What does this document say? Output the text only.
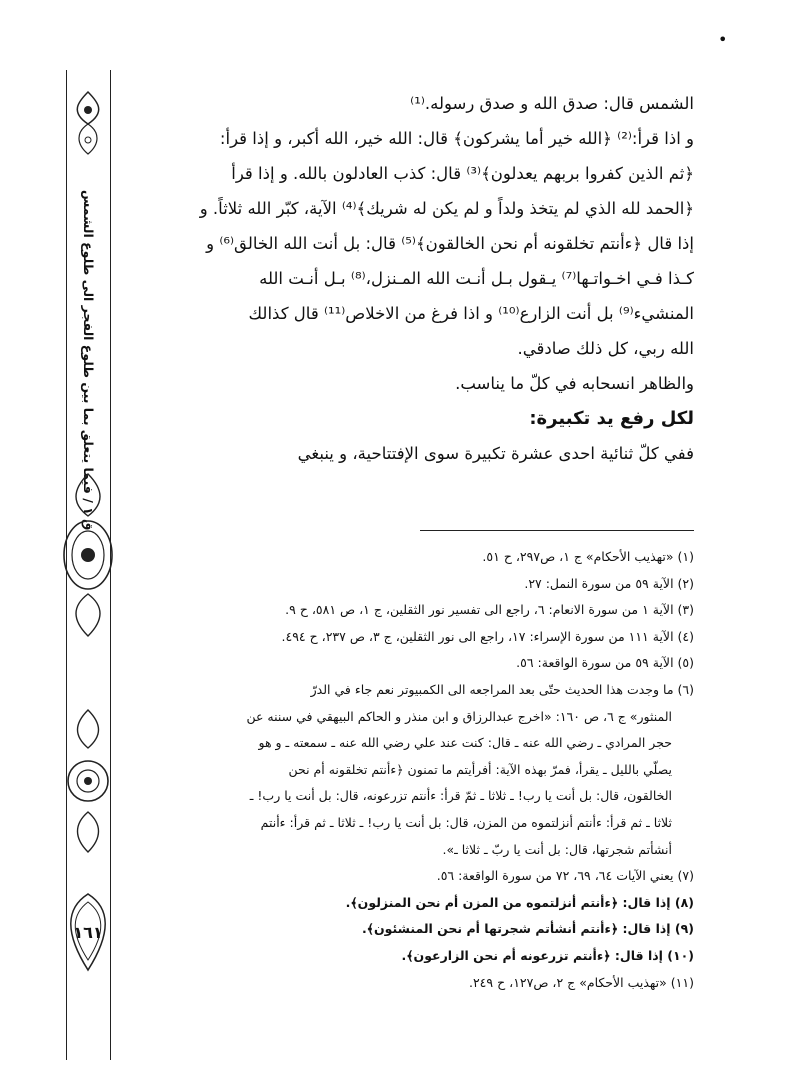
•
ق ١ / فيما يتعلق بما بين طلوع الفجر الى طلوع الشمس
١٦١

الشمس قال: صدق الله و صدق رسوله.⁽¹⁾

و اذا قرأ:⁽²⁾ ﴿الله خير أما يشركون﴾ قال: الله خير، الله أكبر، و إذا قرأ:

﴿ثم الذين كفروا بربهم يعدلون﴾⁽³⁾ قال: كذب العادلون بالله. و إذا قرأ

﴿الحمد لله الذي لم يتخذ ولداً و لم يكن له شريك﴾⁽⁴⁾ الآية، كبّر الله ثلاثاً. و

إذا قال ﴿ءأنتم تخلقونه أم نحن الخالقون﴾⁽⁵⁾ قال: بل أنت الله الخالق⁽⁶⁾ و

كـذا فـي اخـواتـها⁽⁷⁾ يـقول بـل أنـت الله المـنزل،⁽⁸⁾ بـل أنـت الله

المنشيء⁽⁹⁾ بل أنت الزارع⁽¹⁰⁾ و اذا فرغ من الاخلاص⁽¹¹⁾ قال كذالك

الله ربي، كل ذلك صادقي.

والظاهر انسحابه في كلّ ما يناسب.

لكل رفع يد تكبيرة:

ففي كلّ ثنائية احدى عشرة تكبيرة سوى الإفتتاحية، و ينبغي

(١) «تهذيب الأحكام» ج ١، ص٢٩٧، ح ٥١.

(٢) الآية ٥٩ من سورة النمل: ٢٧.

(٣) الآية ١ من سورة الانعام: ٦، راجع الى تفسير نور الثقلين، ج ١، ص ٥٨١، ح ٩.

(٤) الآية ١١١ من سورة الإسراء: ١٧، راجع الى نور الثقلين، ج ٣، ص ٢٣٧، ح ٤٩٤.

(٥) الآية ٥٩ من سورة الواقعة: ٥٦.

(٦) ما وجدت هذا الحديث حتّى بعد المراجعه الى الكمبيوتر نعم جاء في الدرّ

المنثور» ج ٦، ص ١٦٠: «اخرج عبدالرزاق و ابن منذر و الحاكم البيهقي في سننه عن

حجر المرادي ـ رضي الله عنه ـ قال: كنت عند علي رضي الله عنه ـ سمعته ـ و هو

يصلّي بالليل ـ يقرأ، فمرّ بهذه الآية: أفرأيتم ما تمنون ﴿ءأنتم تخلقونه أم نحن

الخالقون، قال: بل أنت يا رب! ـ ثلاثا ـ ثمّ قرأ: ءأنتم تزرعونه، قال: بل أنت يا رب! ـ

ثلاثا ـ ثم قرأ: ءأنتم أنزلتموه من المزن، قال: بل أنت يا رب! ـ ثلاثا ـ ثم قرأ: ءأنتم

أنشأتم شجرتها، قال: بل أنت يا ربّ ـ ثلاثا ـ».

(٧) يعني الآيات ٦٤، ٦٩، ٧٢ من سورة الواقعة: ٥٦.

(٨) إذا قال: ﴿ءأنتم أنزلتموه من المزن أم نحن المنزلون﴾.

(٩) إذا قال: ﴿ءأنتم أنشأتم شجرتها أم نحن المنشئون﴾.

(١٠) إذا قال: ﴿ءأنتم تزرعونه أم نحن الزارعون﴾.

(١١) «تهذيب الأحكام» ج ٢، ص١٢٧، ح ٢٤٩.
